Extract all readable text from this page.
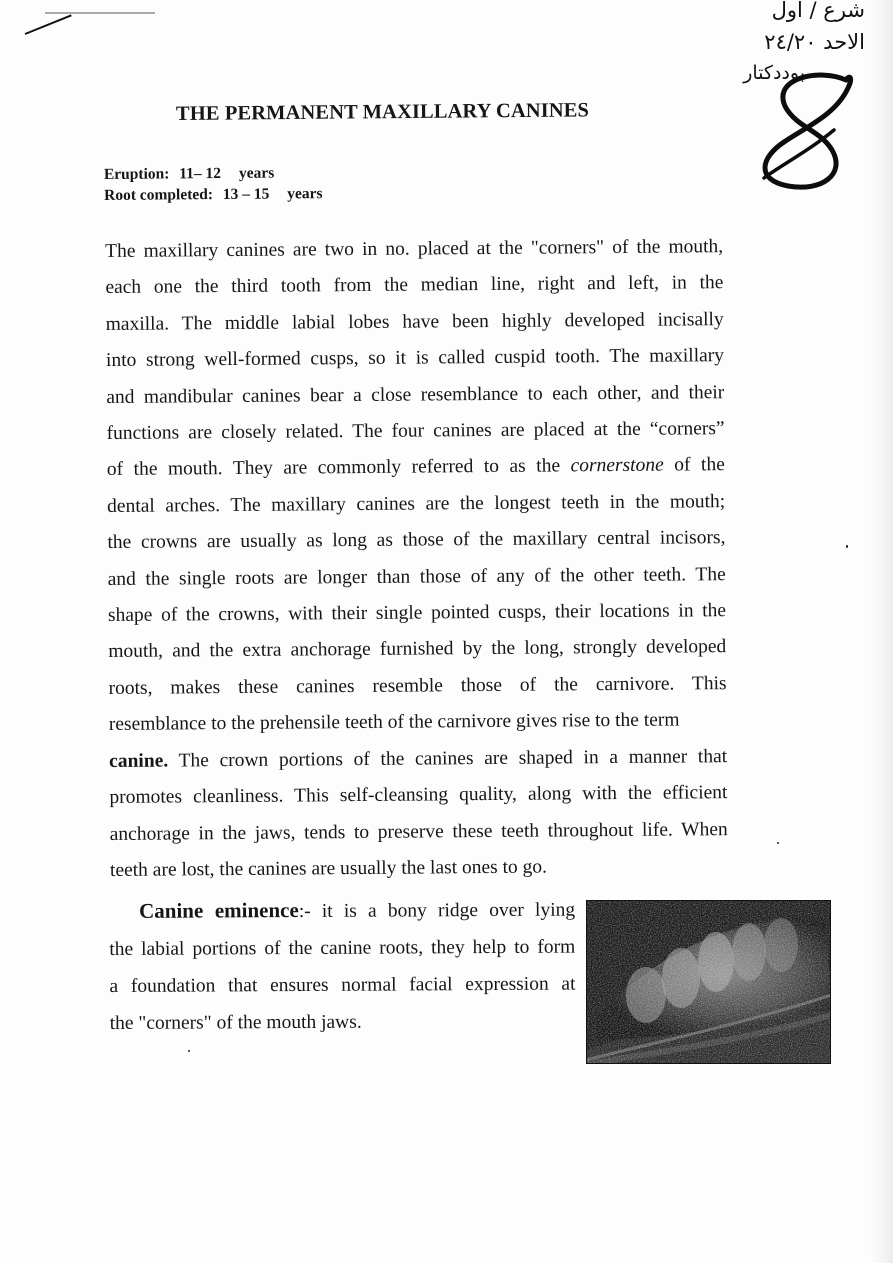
شرع / اول
الاحد ٢٤/٢٠
بوددكتار
THE PERMANENT MAXILLARY CANINES
Eruption: 11– 12 years
Root completed: 13 – 15 years
The maxillary canines are two in no. placed at the "corners" of the mouth,
each one the third tooth from the median line, right and left, in the
maxilla. The middle labial lobes have been highly developed incisally
into strong well-formed cusps, so it is called cuspid tooth. The maxillary
and mandibular canines bear a close resemblance to each other, and their
functions are closely related. The four canines are placed at the “corners”
of the mouth. They are commonly referred to as the cornerstone of the
dental arches. The maxillary canines are the longest teeth in the mouth;
the crowns are usually as long as those of the maxillary central incisors,
and the single roots are longer than those of any of the other teeth. The
shape of the crowns, with their single pointed cusps, their locations in the
mouth, and the extra anchorage furnished by the long, strongly developed
roots, makes these canines resemble those of the carnivore. This
resemblance to the prehensile teeth of the carnivore gives rise to the term
canine. The crown portions of the canines are shaped in a manner that
promotes cleanliness. This self-cleansing quality, along with the efficient
anchorage in the jaws, tends to preserve these teeth throughout life. When
teeth are lost, the canines are usually the last ones to go.
Canine eminence:- it is a bony ridge over lying
the labial portions of the canine roots, they help to form
a foundation that ensures normal facial expression at
the "corners" of the mouth jaws.
